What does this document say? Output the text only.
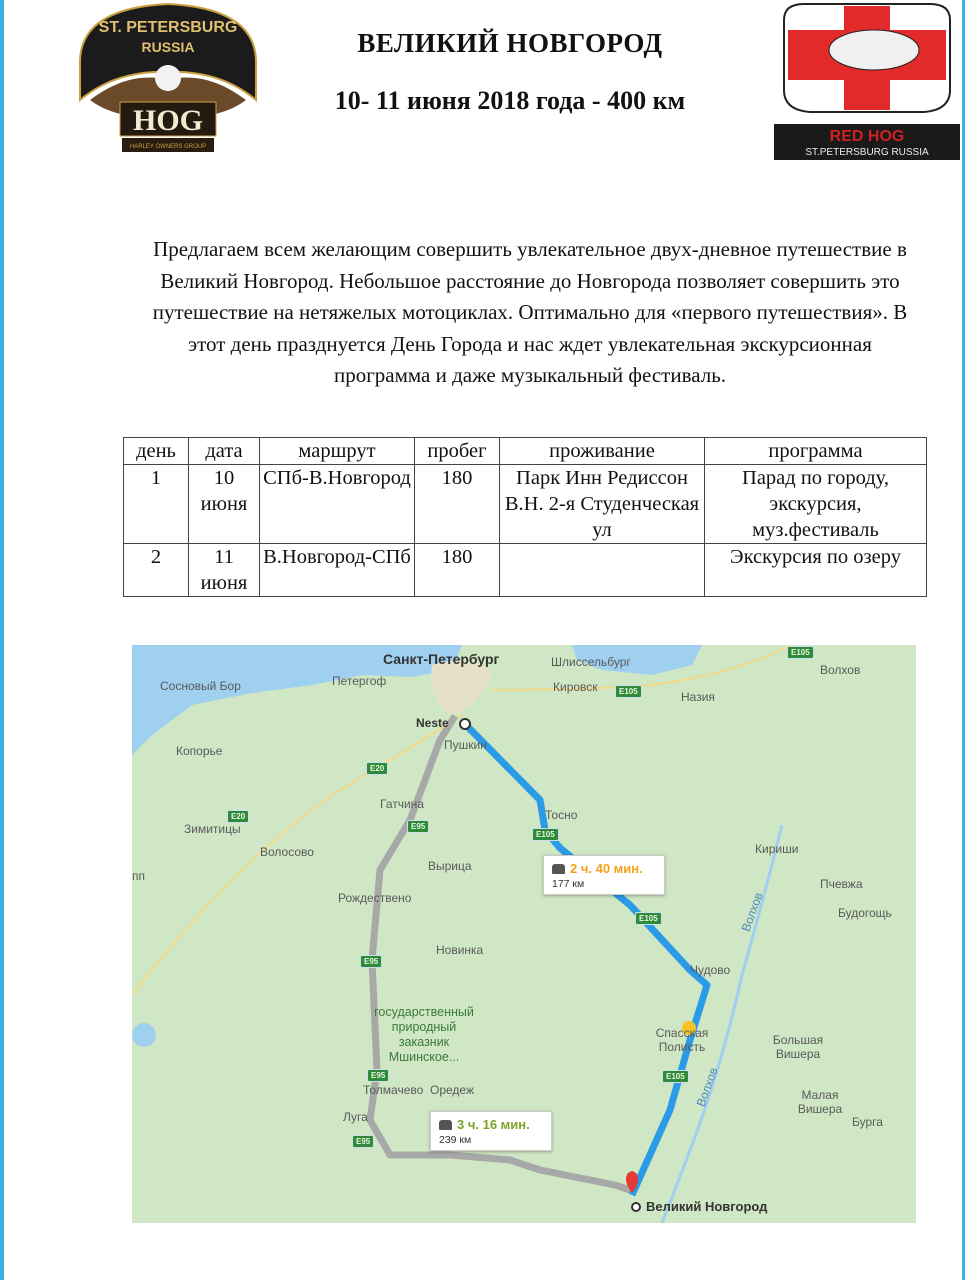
ST. PETERSBURG
RUSSIA
HOG
HARLEY OWNERS GROUP
RED HOG
ST.PETERSBURG RUSSIA
ВЕЛИКИЙ НОВГОРОД
10- 11 июня 2018 года - 400 км
Предлагаем всем желающим совершить увлекательное двух-дневное путешествие в Великий Новгород. Небольшое расстояние до Новгорода позволяет совершить это путешествие на нетяжелых мотоциклах. Оптимально для «первого путешествия». В этот день празднуется День Города и нас ждет увлекательная экскурсионная программа и даже музыкальный фестиваль.
день	дата	маршрут	пробег	проживание	программа
1	10 июня	СПб-В.Новгород	180	Парк Инн Редиссон В.Н. 2-я Студенческая ул	Парад по городу, экскурсия, муз.фестиваль
2	11 июня	В.Новгород-СПб	180		Экскурсия по озеру
E105
E105
E105
E105
E105
E20
E20
E95
E95
E95
E95
Санкт-Петербург	Шлиссельбург
Волхов
Сосновый Бор	Петергоф	Кировск
Назия
Neste
Пушкин
Копорье
Гатчина
Тосно
Зимитицы
Волосово	Кириши
Вырица
Пчевжа
Рождествено
Будогощь
Новинка
Чудово
Спасская Полисть	Большая Вишера
Толмачево Оредеж	Малая Вишера
Луга	Бурга
Великий Новгород
пп
Волхов
Волхов
государственный природный заказник Мшинское...
2 ч. 40 мин.
177 км
3 ч. 16 мин.
239 км
